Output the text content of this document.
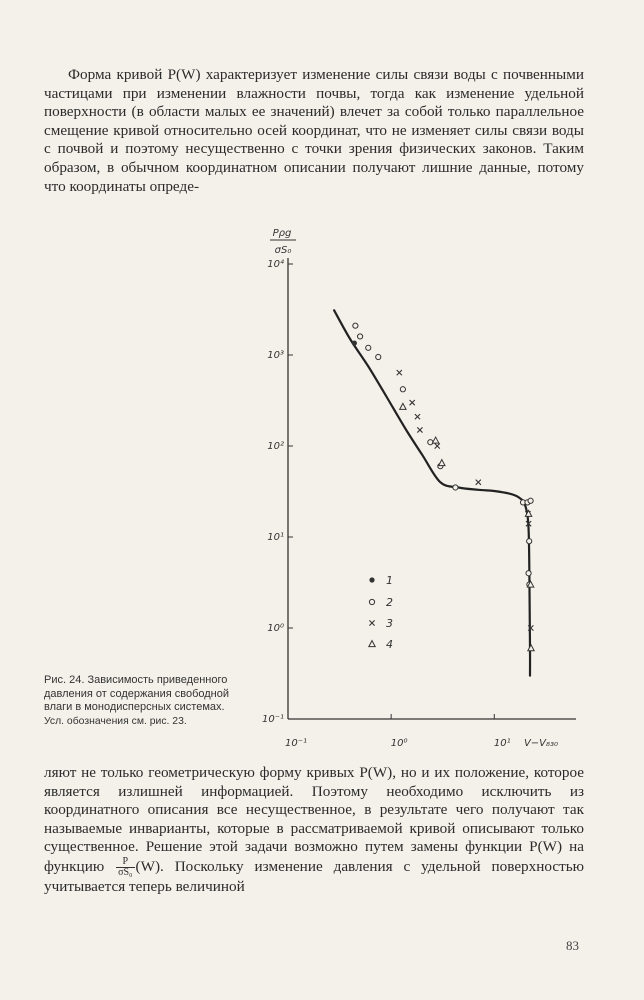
Форма кривой P(W) характеризует изменение силы связи воды с почвенными частицами при изменении влажности почвы, тогда как изменение удельной поверхности (в области малых ее значений) влечет за собой только параллельное смещение кривой относительно осей координат, что не изменяет силы связи воды с почвой и поэтому несущественно с точки зрения физических законов. Таким образом, в обычном координатном описании получают лишние данные, потому что координаты опреде-

Pρg
σS₀
10⁻¹
10⁰
10¹
10²
10³
10⁴
10⁻¹	10⁰	10¹ V−V₈₃₀
1
2
3
4
Рис. 24. Зависимость приведенного давления от содержания свободной влаги в монодисперсных системах.
Усл. обозначения см. рис. 23.

ляют не только геометрическую форму кривых P(W), но и их положение, которое является излишней информацией. Поэтому необходимо исключить из координатного описания все несущественное, в результате чего получают так называемые инварианты, которые в рассматриваемой кривой описывают только существенное. Решение этой задачи возможно путем замены функции P(W) на функцию $\frac{P}{\text{σS₀}} (W)$. Поскольку изменение давления с удельной поверхностью учитывается теперь величиной

83
